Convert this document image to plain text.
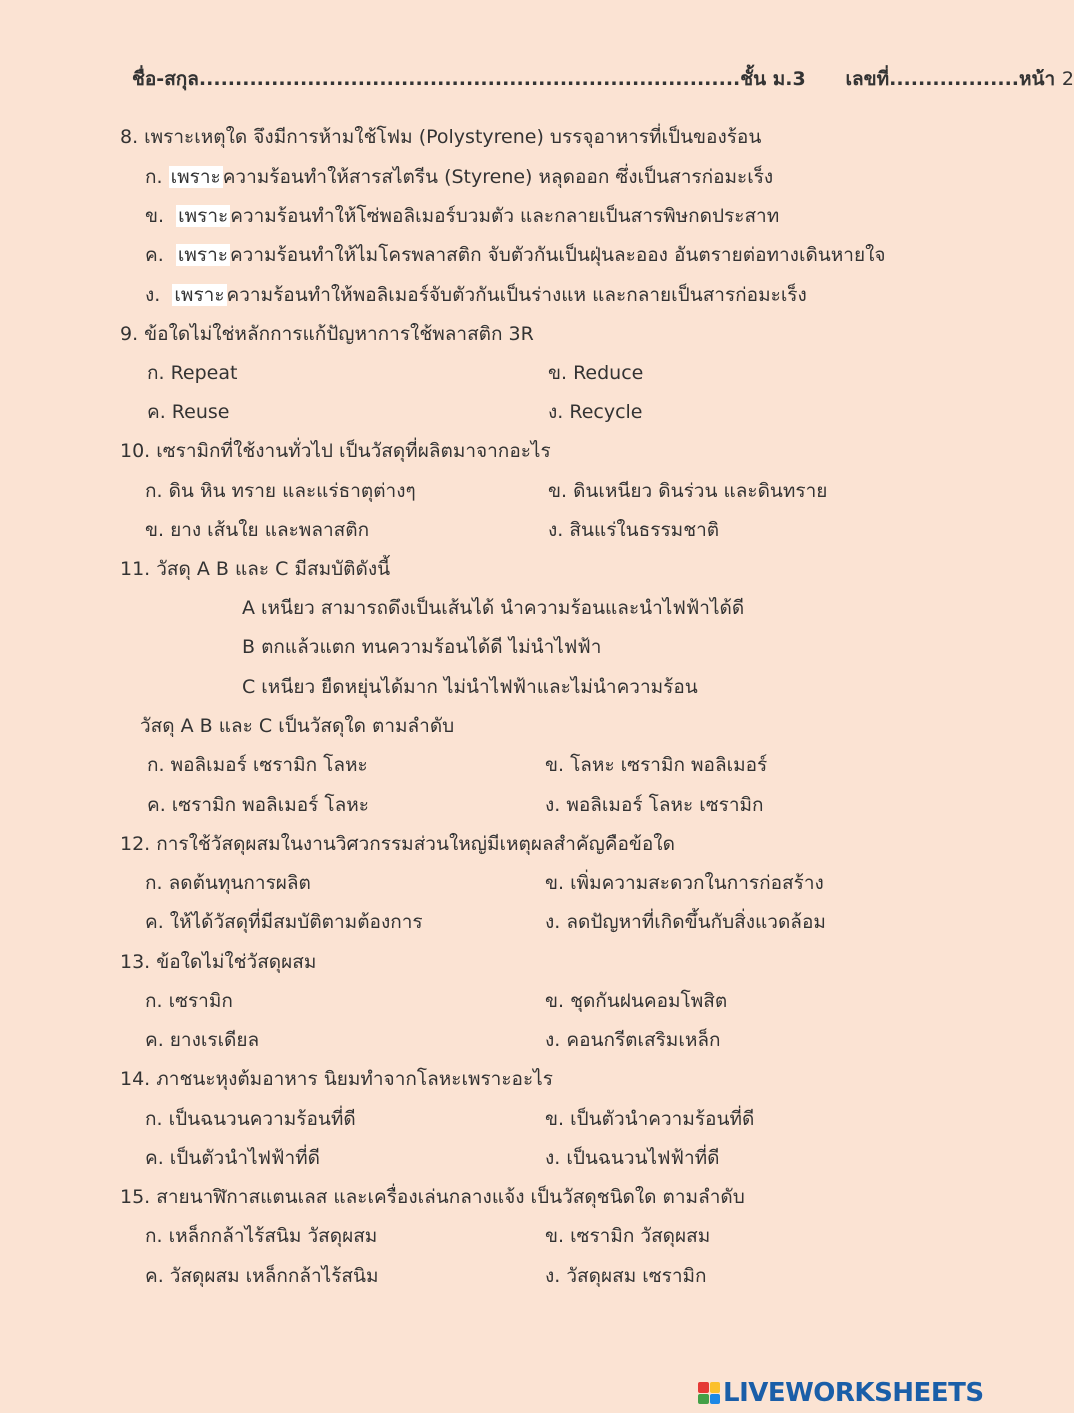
ชื่อ-สกุล...........................................................................ชั้น ม.3 เลขที่..................หน้า 2
8. เพราะเหตุใด จึงมีการห้ามใช้โฟม (Polystyrene) บรรจุอาหารที่เป็นของร้อน
ก. เพราะ ความร้อนทำให้สารสไตรีน (Styrene) หลุดออก ซึ่งเป็นสารก่อมะเร็ง
ข. เพราะ ความร้อนทำให้โซ่พอลิเมอร์บวมตัว และกลายเป็นสารพิษกดประสาท
ค. เพราะ ความร้อนทำให้ไมโครพลาสติก จับตัวกันเป็นฝุ่นละออง อันตรายต่อทางเดินหายใจ
ง. เพราะ ความร้อนทำให้พอลิเมอร์จับตัวกันเป็นร่างแห และกลายเป็นสารก่อมะเร็ง
9. ข้อใดไม่ใช่หลักการแก้ปัญหาการใช้พลาสติก 3R
ก. Repeat	ข. Reduce
ค. Reuse	ง. Recycle
10. เซรามิกที่ใช้งานทั่วไป เป็นวัสดุที่ผลิตมาจากอะไร
ก. ดิน หิน ทราย และแร่ธาตุต่างๆ	ข. ดินเหนียว ดินร่วน และดินทราย
ข. ยาง เส้นใย และพลาสติก	ง. สินแร่ในธรรมชาติ
11. วัสดุ A B และ C มีสมบัติดังนี้
A เหนียว สามารถดึงเป็นเส้นได้ นำความร้อนและนำไฟฟ้าได้ดี
B ตกแล้วแตก ทนความร้อนได้ดี ไม่นำไฟฟ้า
C เหนียว ยืดหยุ่นได้มาก ไม่นำไฟฟ้าและไม่นำความร้อน
วัสดุ A B และ C เป็นวัสดุใด ตามลำดับ
ก. พอลิเมอร์ เซรามิก โลหะ	ข. โลหะ เซรามิก พอลิเมอร์
ค. เซรามิก พอลิเมอร์ โลหะ	ง. พอลิเมอร์ โลหะ เซรามิก
12. การใช้วัสดุผสมในงานวิศวกรรมส่วนใหญ่มีเหตุผลสำคัญคือข้อใด
ก. ลดต้นทุนการผลิต	ข. เพิ่มความสะดวกในการก่อสร้าง
ค. ให้ได้วัสดุที่มีสมบัติตามต้องการ	ง. ลดปัญหาที่เกิดขึ้นกับสิ่งแวดล้อม
13. ข้อใดไม่ใช่วัสดุผสม
ก. เซรามิก	ข. ชุดกันฝนคอมโพสิต
ค. ยางเรเดียล	ง. คอนกรีตเสริมเหล็ก
14. ภาชนะหุงต้มอาหาร นิยมทำจากโลหะเพราะอะไร
ก. เป็นฉนวนความร้อนที่ดี	ข. เป็นตัวนำความร้อนที่ดี
ค. เป็นตัวนำไฟฟ้าที่ดี	ง. เป็นฉนวนไฟฟ้าที่ดี
15. สายนาฬิกาสแตนเลส และเครื่องเล่นกลางแจ้ง เป็นวัสดุชนิดใด ตามลำดับ
ก. เหล็กกล้าไร้สนิม วัสดุผสม	ข. เซรามิก วัสดุผสม
ค. วัสดุผสม เหล็กกล้าไร้สนิม	ง. วัสดุผสม เซรามิก
LIVEWORKSHEETS
